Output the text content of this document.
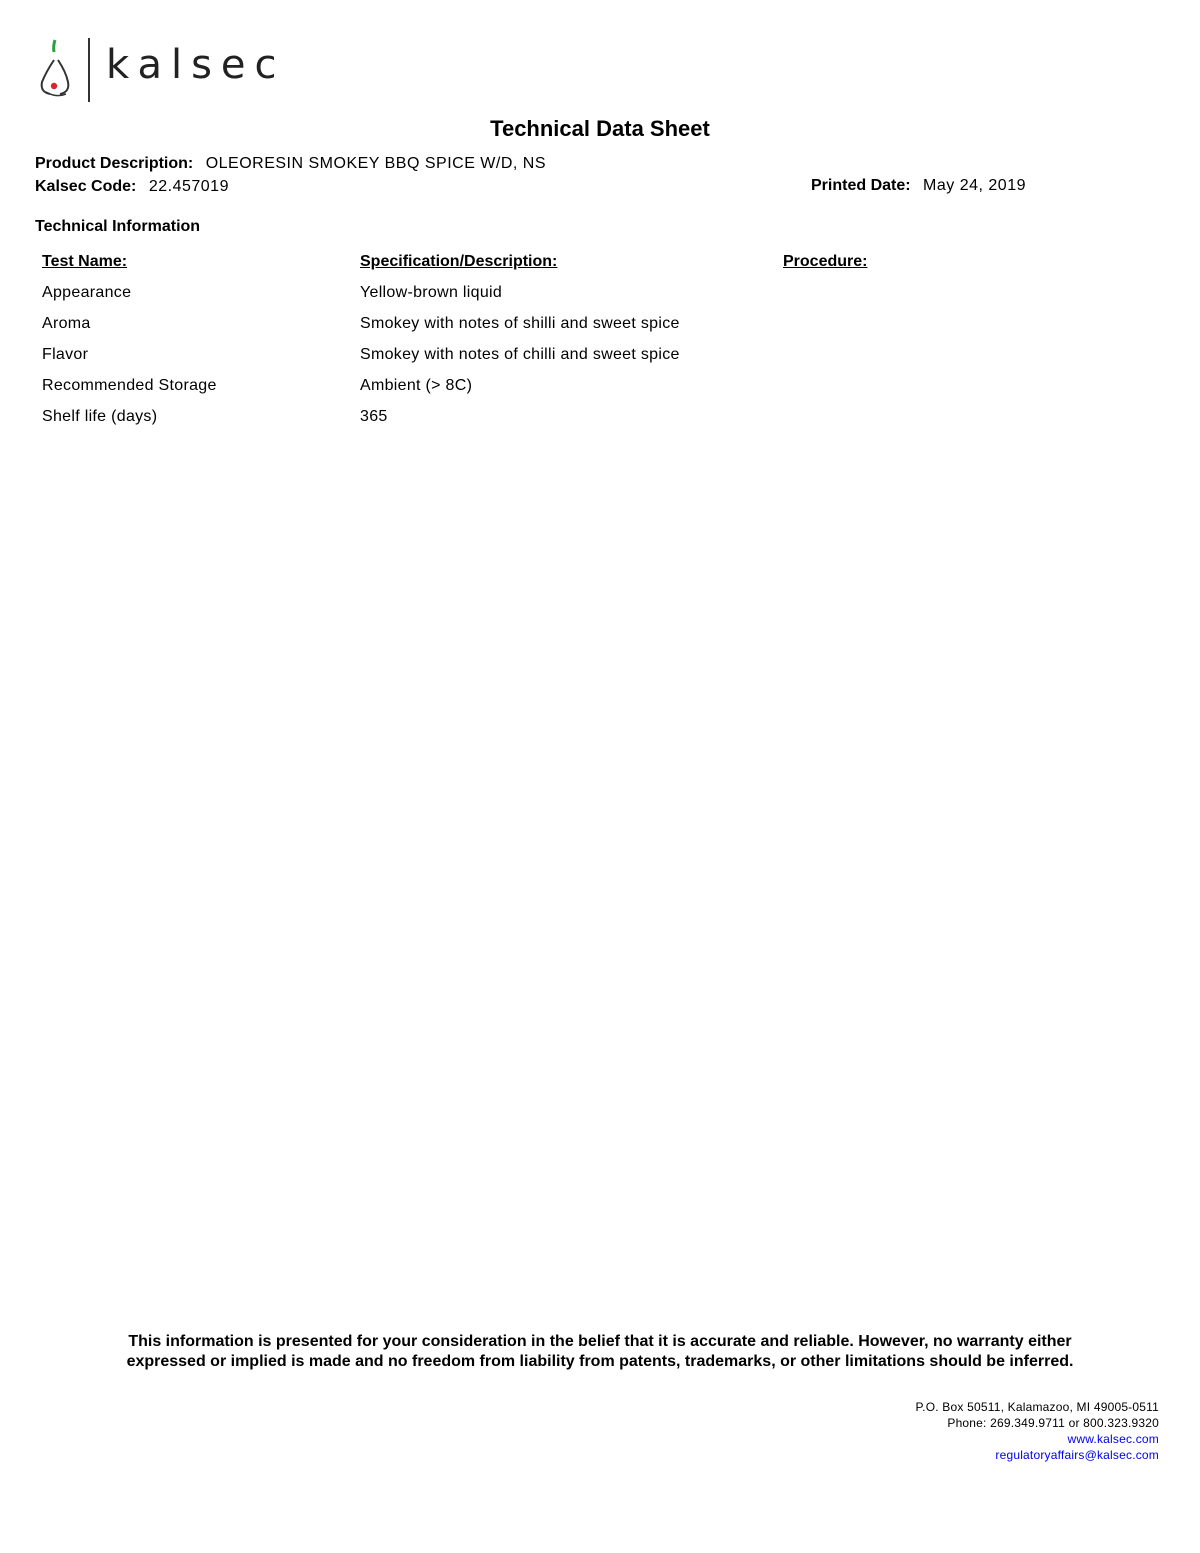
kalsec
Technical Data Sheet
Product Description: OLEORESIN SMOKEY BBQ SPICE W/D, NS
Kalsec Code: 22.457019	Printed Date: May 24, 2019
Technical Information
Test Name:	Specification/Description:	Procedure:
Appearance	Yellow-brown liquid	
Aroma	Smokey with notes of shilli and sweet spice	
Flavor	Smokey with notes of chilli and sweet spice	
Recommended Storage	Ambient (> 8C)	
Shelf life (days)	365	
This information is presented for your consideration in the belief that it is accurate and reliable. However, no warranty either
expressed or implied is made and no freedom from liability from patents, trademarks, or other limitations should be inferred.
P.O. Box 50511, Kalamazoo, MI 49005-0511
Phone: 269.349.9711 or 800.323.9320
www.kalsec.com
regulatoryaffairs@kalsec.com
